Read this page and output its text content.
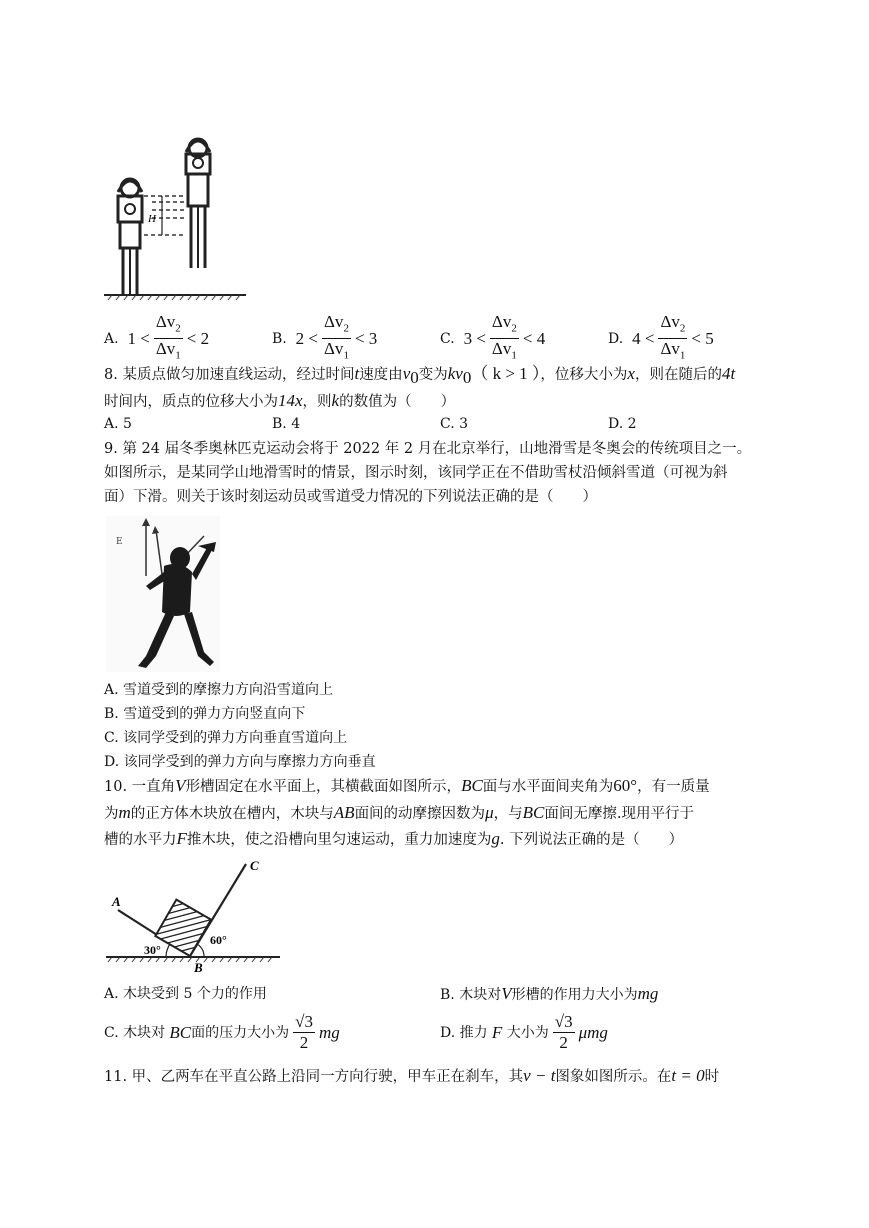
H
A.
$1 < \frac{\Delta v_2}{\Delta v_1} < 2$	B.
$2 < \frac{\Delta v_2}{\Delta v_1} < 3$	C.
$3 < \frac{\Delta v_2}{\Delta v_1} < 4$	D.
$4 < \frac{\Delta v_2}{\Delta v_1} < 5$
8. 某质点做匀加速直线运动，经过时间t速度由$v_0$变为$kv_0$（ k > 1 ），位移大小为x，则在随后的4t
时间内，质点的位移大小为14x，则k的数值为（　　）
A. 5	B. 4	C. 3	D. 2
9. 第 24 届冬季奥林匹克运动会将于 2022 年 2 月在北京举行，山地滑雪是冬奥会的传统项目之一。
如图所示，是某同学山地滑雪时的情景，图示时刻，该同学正在不借助雪杖沿倾斜雪道（可视为斜
面）下滑。则关于该时刻运动员或雪道受力情况的下列说法正确的是（　　）
E
A. 雪道受到的摩擦力方向沿雪道向上
B. 雪道受到的弹力方向竖直向下
C. 该同学受到的弹力方向垂直雪道向上
D. 该同学受到的弹力方向与摩擦力方向垂直
10. 一直角V形槽固定在水平面上，其横截面如图所示，BC面与水平面间夹角为60°，有一质量
为m的正方体木块放在槽内，木块与AB面间的动摩擦因数为μ，与BC面间无摩擦.现用平行于
槽的水平力F推木块，使之沿槽向里匀速运动，重力加速度为g. 下列说法正确的是（　　）
A
C
B
30°
60°
A. 木块受到 5 个力的作用	B. 木块对V形槽的作用力大小为mg
C. 木块对
BC 面的压力大小为 $\frac{√3}{2}$ mg	D. 推力
F
大小为 $\frac{√3}{2}$ μmg
11. 甲、乙两车在平直公路上沿同一方向行驶，甲车正在刹车，其v − t图象如图所示。在t = 0时
